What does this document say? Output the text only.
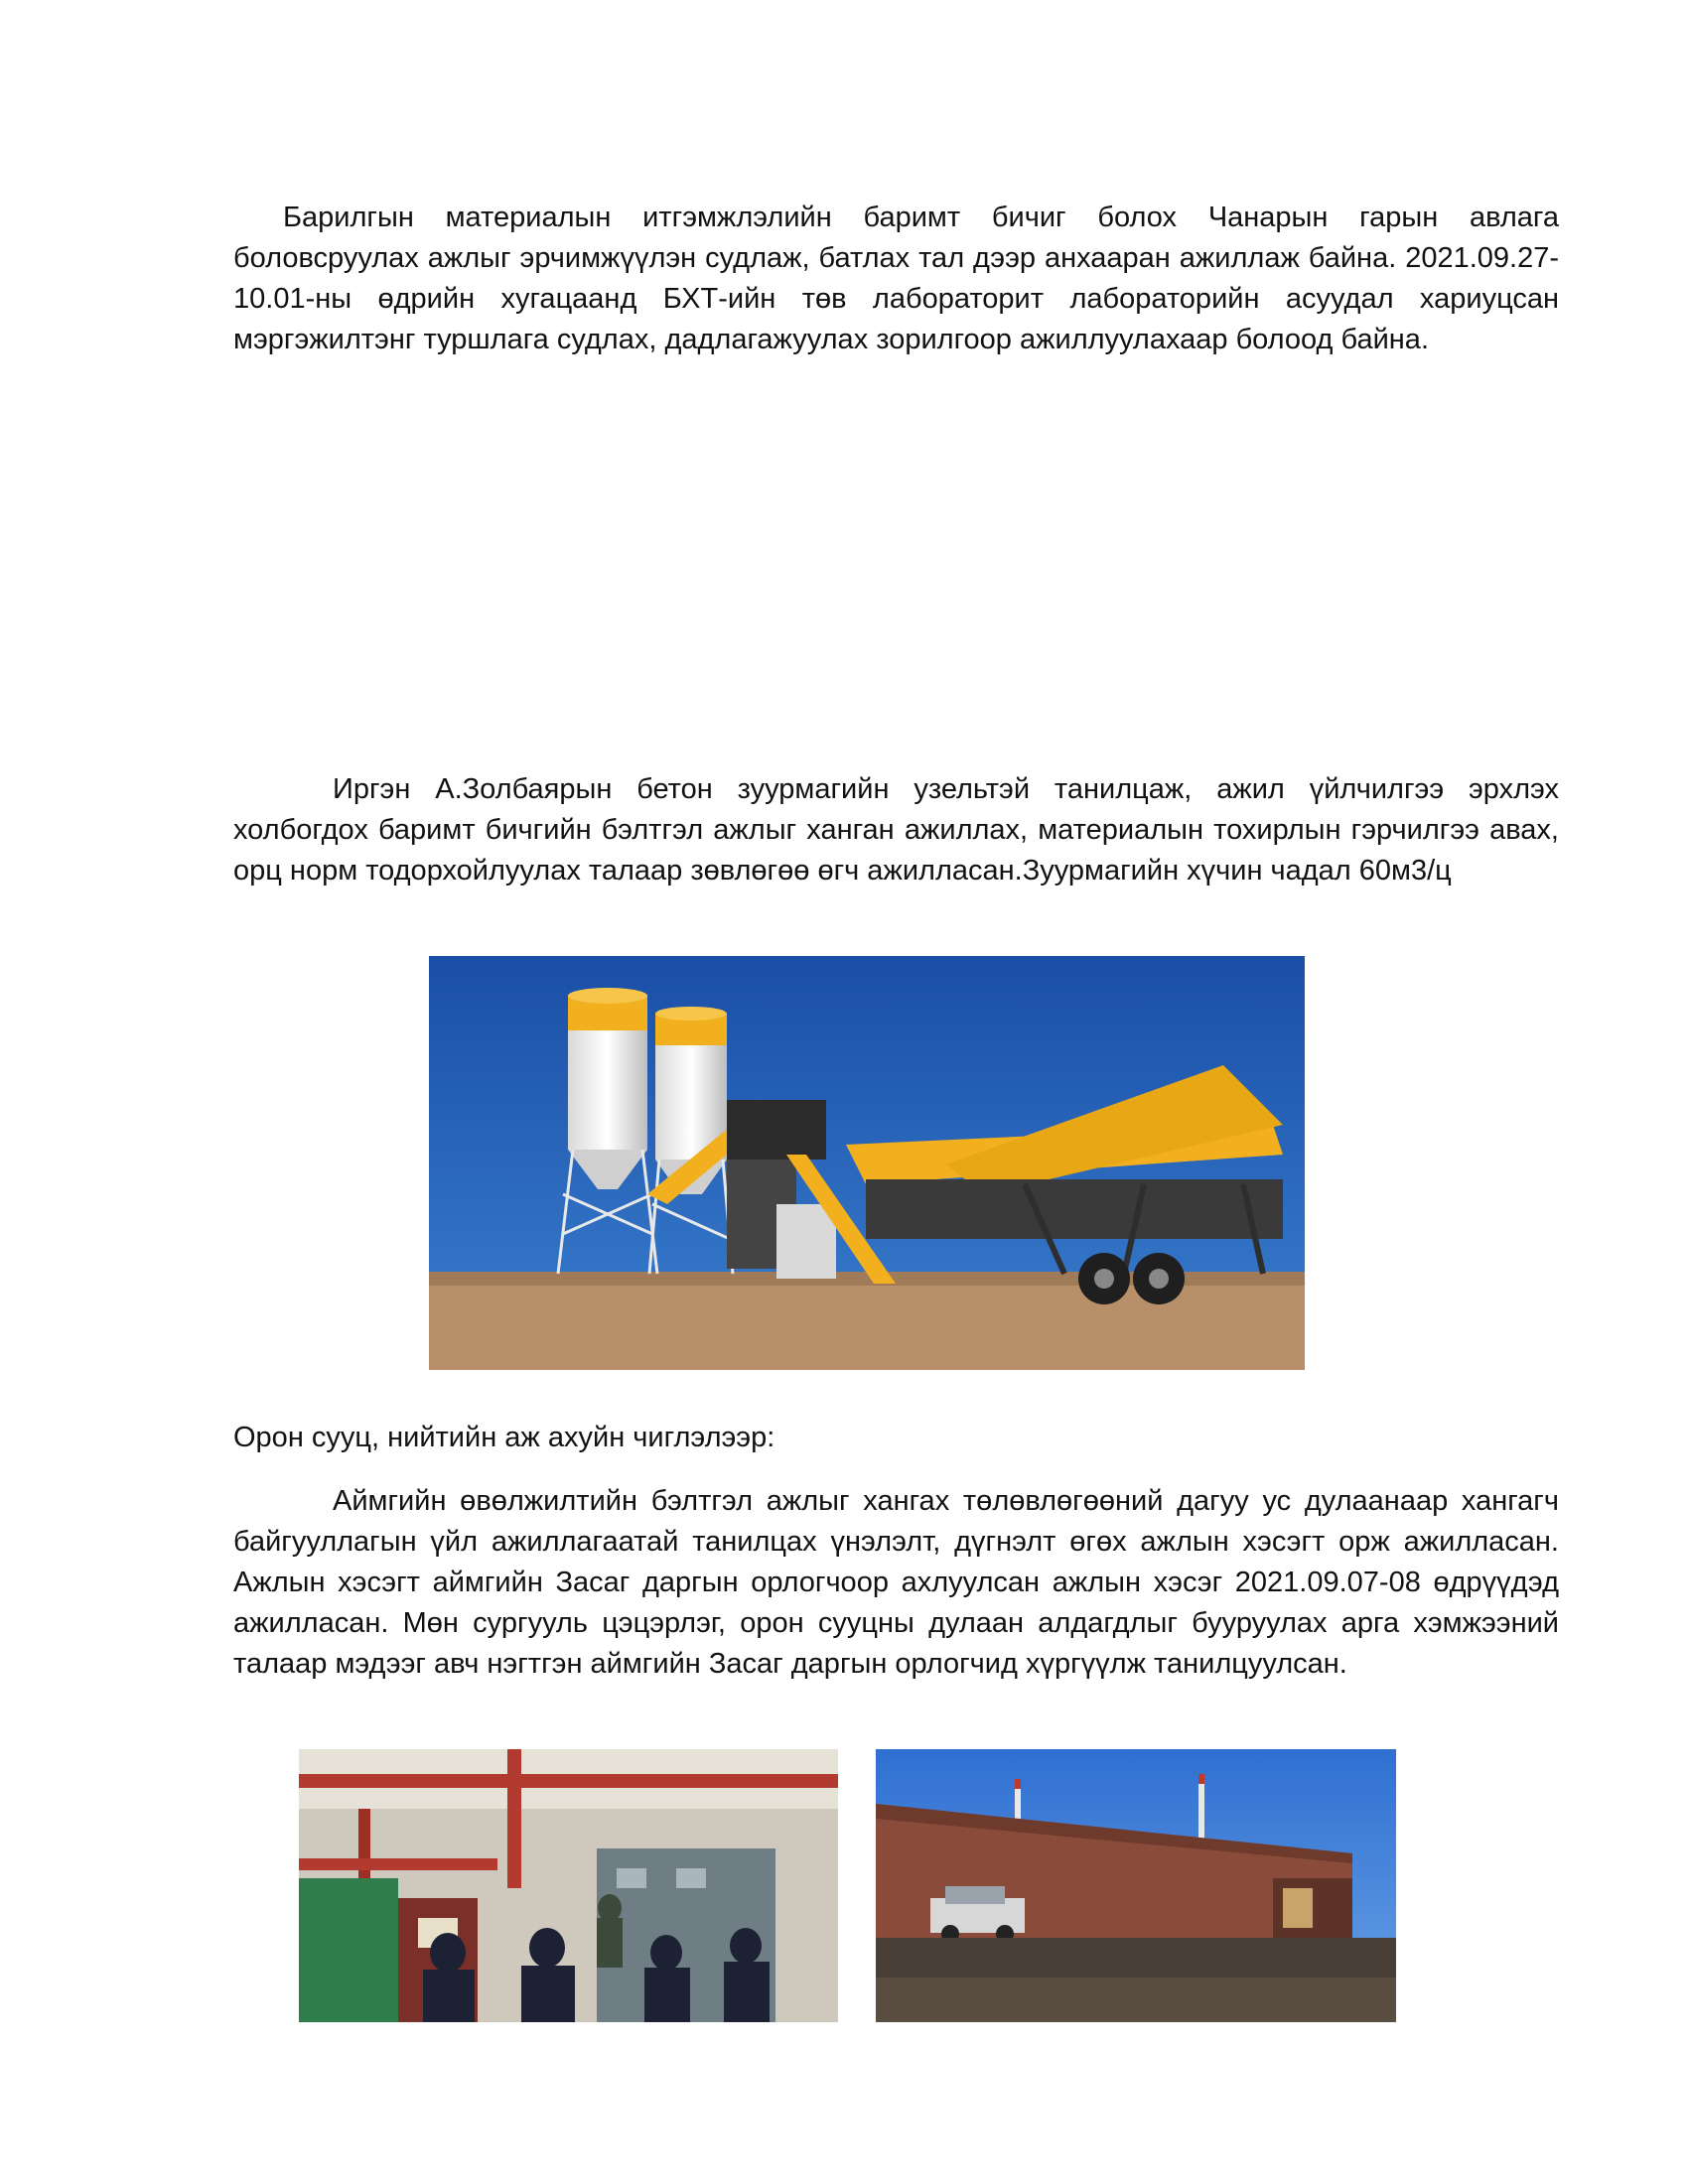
Барилгын материалын итгэмжлэлийн баримт бичиг болох Чанарын гарын авлага боловсруулах ажлыг эрчимжүүлэн судлаж, батлах тал дээр анхааран ажиллаж байна. 2021.09.27-10.01-ны өдрийн хугацаанд БХТ-ийн төв лабораторит лабораторийн асуудал хариуцсан мэргэжилтэнг туршлага судлах, дадлагажуулах зорилгоор ажиллуулахаар болоод байна.

Иргэн А.Золбаярын бетон зуурмагийн узельтэй танилцаж, ажил үйлчилгээ эрхлэх холбогдох баримт бичгийн бэлтгэл ажлыг ханган ажиллах, материалын тохирлын гэрчилгээ авах, орц норм тодорхойлуулах талаар зөвлөгөө өгч ажилласан.Зуурмагийн хүчин чадал 60м3/ц

Орон сууц, нийтийн аж ахуйн чиглэлээр:

Аймгийн өвөлжилтийн бэлтгэл ажлыг хангах төлөвлөгөөний дагуу ус дулаанаар хангагч байгууллагын үйл ажиллагаатай танилцах үнэлэлт, дүгнэлт өгөх ажлын хэсэгт орж ажилласан. Ажлын хэсэгт аймгийн Засаг даргын орлогчоор ахлуулсан ажлын хэсэг 2021.09.07-08 өдрүүдэд ажилласан. Мөн сургууль цэцэрлэг, орон сууцны дулаан алдагдлыг бууруулах арга хэмжээний талаар мэдээг авч нэгтгэн аймгийн Засаг даргын орлогчид хүргүүлж танилцуулсан.
